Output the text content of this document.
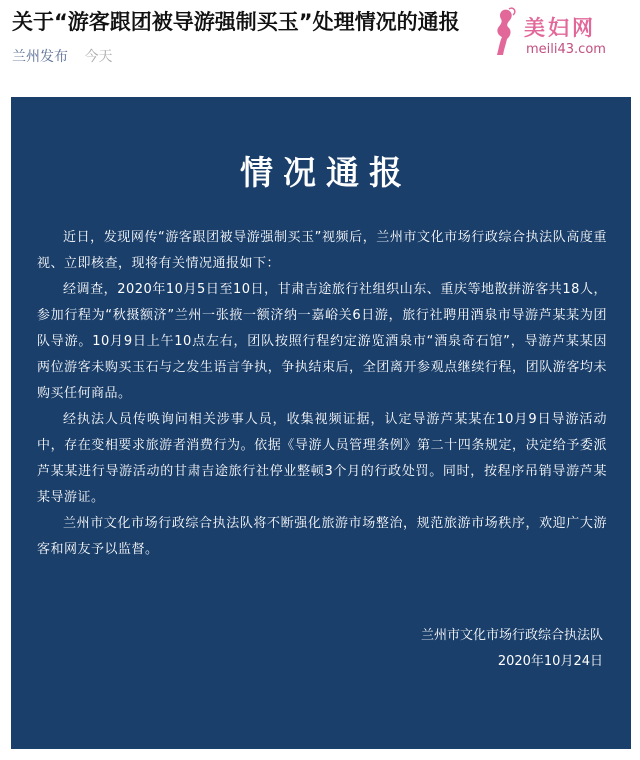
关于“游客跟团被导游强制买玉”处理情况的通报
兰州发布 今天
美妇网
meili43.com
情况通报

近日，发现网传“游客跟团被导游强制买玉”视频后，兰州市文化市场行政综合执法队高度重视、立即核查，现将有关情况通报如下：

经调查，2020年10月5日至10日，甘肃吉途旅行社组织山东、重庆等地散拼游客共18人，参加行程为“秋摄额济”兰州一张掖一额济纳一嘉峪关6日游，旅行社聘用酒泉市导游芦某某为团队导游。10月9日上午10点左右，团队按照行程约定游览酒泉市“酒泉奇石馆”，导游芦某某因两位游客未购买玉石与之发生语言争执，争执结束后，全团离开参观点继续行程，团队游客均未购买任何商品。

经执法人员传唤询问相关涉事人员，收集视频证据，认定导游芦某某在10月9日导游活动中，存在变相要求旅游者消费行为。依据《导游人员管理条例》第二十四条规定，决定给予委派芦某某进行导游活动的甘肃吉途旅行社停业整顿3个月的行政处罚。同时，按程序吊销导游芦某某导游证。

兰州市文化市场行政综合执法队将不断强化旅游市场整治，规范旅游市场秩序，欢迎广大游客和网友予以监督。

兰州市文化市场行政综合执法队
2020年10月24日
